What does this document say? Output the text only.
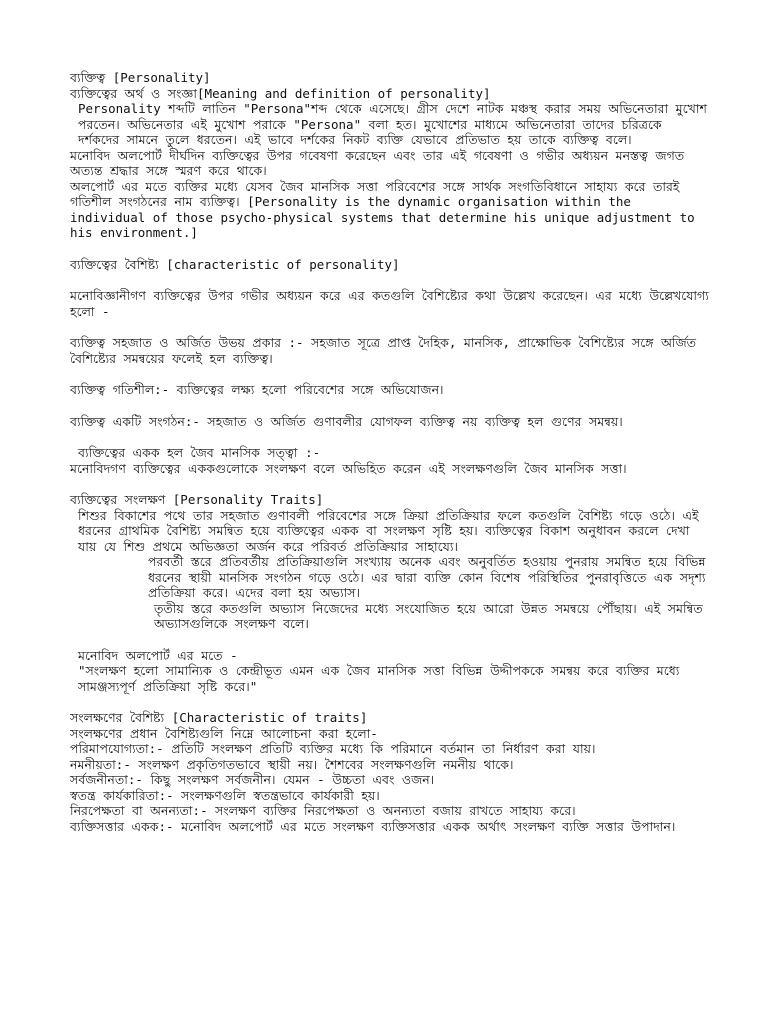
ব্যক্তিত্ব [Personality]

ব্যক্তিত্বের অর্থ ও সংজ্ঞা[Meaning and definition of personality]

Personality শব্দটি লাতিন "Persona"শব্দ থেকে এসেছে। গ্রীস দেশে নাটক মঞ্চস্থ করার সময় অভিনেতারা মুখোশ পরতেন। অভিনেতার এই মুখোশ পরাকে "Persona" বলা হত। মুখোশের মাধ্যমে অভিনেতারা তাদের চরিত্রকে দর্শকদের সামনে তুলে ধরতেন। এই ভাবে দর্শকের নিকট ব্যক্তি যেভাবে প্রতিভাত হয় তাকে ব্যক্তিত্ব বলে।

মনোবিদ অলপোর্ট দীর্ঘদিন ব্যক্তিত্বের উপর গবেষণা করেছেন এবং তার এই গবেষণা ও গভীর অধ্যয়ন মনস্তত্ব জগত অত্যন্ত শ্রদ্ধার সঙ্গে স্মরণ করে থাকে।

অলপোর্ট এর মতে ব্যক্তির মধ্যে যেসব জৈব মানসিক সত্তা পরিবেশের সঙ্গে সার্থক সংগতিবিধানে সাহায্য করে তারই গতিশীল সংগঠনের নাম ব্যক্তিত্ব। [Personality is the dynamic organisation within the individual of those psycho-physical systems that determine his unique adjustment to his environment.]

ব্যক্তিত্বের বৈশিষ্ট্য [characteristic of personality]

মনোবিজ্ঞানীগণ ব্যক্তিত্বের উপর গভীর অধ্যয়ন করে এর কতগুলি বৈশিষ্ট্যের কথা উল্লেখ করেছেন। এর মধ্যে উল্লেখযোগ্য হলো -

ব্যক্তিত্ব সহজাত ও অর্জিত উভয় প্রকার :- সহজাত সূত্রে প্রাপ্ত দৈহিক, মানসিক, প্রাক্ষোভিক বৈশিষ্ট্যের সঙ্গে অর্জিত বৈশিষ্ট্যের সমন্বয়ের ফলেই হল ব্যক্তিত্ব।

ব্যক্তিত্ব গতিশীল:- ব্যক্তিত্বের লক্ষ্য হলো পরিবেশের সঙ্গে অভিযোজন।

ব্যক্তিত্ব একটি সংগঠন:- সহজাত ও অর্জিত গুণাবলীর যোগফল ব্যক্তিত্ব নয় ব্যক্তিত্ব হল গুণের সমন্বয়।

ব্যক্তিত্বের একক হল জৈব মানসিক সত্ত্বা :-

মনোবিদগণ ব্যক্তিত্বের এককগুলোকে সংলক্ষণ বলে অভিহিত করেন এই সংলক্ষণগুলি জৈব মানসিক সত্তা।

ব্যক্তিত্বের সংলক্ষণ [Personality Traits]

শিশুর বিকাশের পথে তার সহজাত গুণাবলী পরিবেশের সঙ্গে ক্রিয়া প্রতিক্রিয়ার ফলে কতগুলি বৈশিষ্ট্য গড়ে ওঠে। এই ধরনের গ্রাথমিক বৈশিষ্ট্য সমন্বিত হয়ে ব্যক্তিত্বের একক বা সংলক্ষণ সৃষ্টি হয়। ব্যক্তিত্বের বিকাশ অনুধাবন করলে দেখা যায় যে শিশু প্রথমে অভিজ্ঞতা অর্জন করে পরিবর্ত প্রতিক্রিয়ার সাহায্যে।

পরবর্তী স্তরে প্রতিবর্তীয় প্রতিক্রিয়াগুলি সংখ্যায় অনেক এবং অনুবর্তিত হওয়ায় পুনরায় সমন্বিত হয়ে বিভিন্ন ধরনের স্থায়ী মানসিক সংগঠন গড়ে ওঠে। এর দ্বারা ব্যক্তি কোন বিশেষ পরিস্থিতির পুনরাবৃত্তিতে এক সদৃশ্য প্রতিক্রিয়া করে। এদের বলা হয় অভ্যাস।

তৃতীয় স্তরে কতগুলি অভ্যাস নিজেদের মধ্যে সংযোজিত হয়ে আরো উন্নত সমন্বয়ে পৌঁছায়। এই সমন্বিত অভ্যাসগুলিকে সংলক্ষণ বলে।

মনোবিদ অলপোর্ট এর মতে -

"সংলক্ষণ হলো সামান্যিক ও কেন্দ্রীভূত এমন এক জৈব মানসিক সত্তা বিভিন্ন উদ্দীপককে সমন্বয় করে ব্যক্তির মধ্যে সামঞ্জস্যপূর্ণ প্রতিক্রিয়া সৃষ্টি করে।"

সংলক্ষণের বৈশিষ্ট্য [Characteristic of traits]

সংলক্ষণের প্রধান বৈশিষ্ট্যগুলি নিম্নে আলোচনা করা হলো-

পরিমাপযোগ্যতা:- প্রতিটি সংলক্ষণ প্রতিটি ব্যক্তির মধ্যে কি পরিমানে বর্তমান তা নির্ধারণ করা যায়।

নমনীয়তা:- সংলক্ষণ প্রকৃতিগতভাবে স্থায়ী নয়। শৈশবের সংলক্ষণগুলি নমনীয় থাকে।

সর্বজনীনতা:- কিছু সংলক্ষণ সর্বজনীন। যেমন - উচ্চতা এবং ওজন।

স্বতন্ত্র কার্যকারিতা:- সংলক্ষণগুলি স্বতন্ত্রভাবে কার্যকারী হয়।

নিরপেক্ষতা বা অনন্যতা:- সংলক্ষণ ব্যক্তির নিরপেক্ষতা ও অনন্যতা বজায় রাখতে সাহায্য করে।

ব্যক্তিসত্তার একক:- মনোবিদ অলপোর্ট এর মতে সংলক্ষণ ব্যক্তিসত্তার একক অর্থাৎ সংলক্ষণ ব্যক্তি সত্তার উপাদান।
